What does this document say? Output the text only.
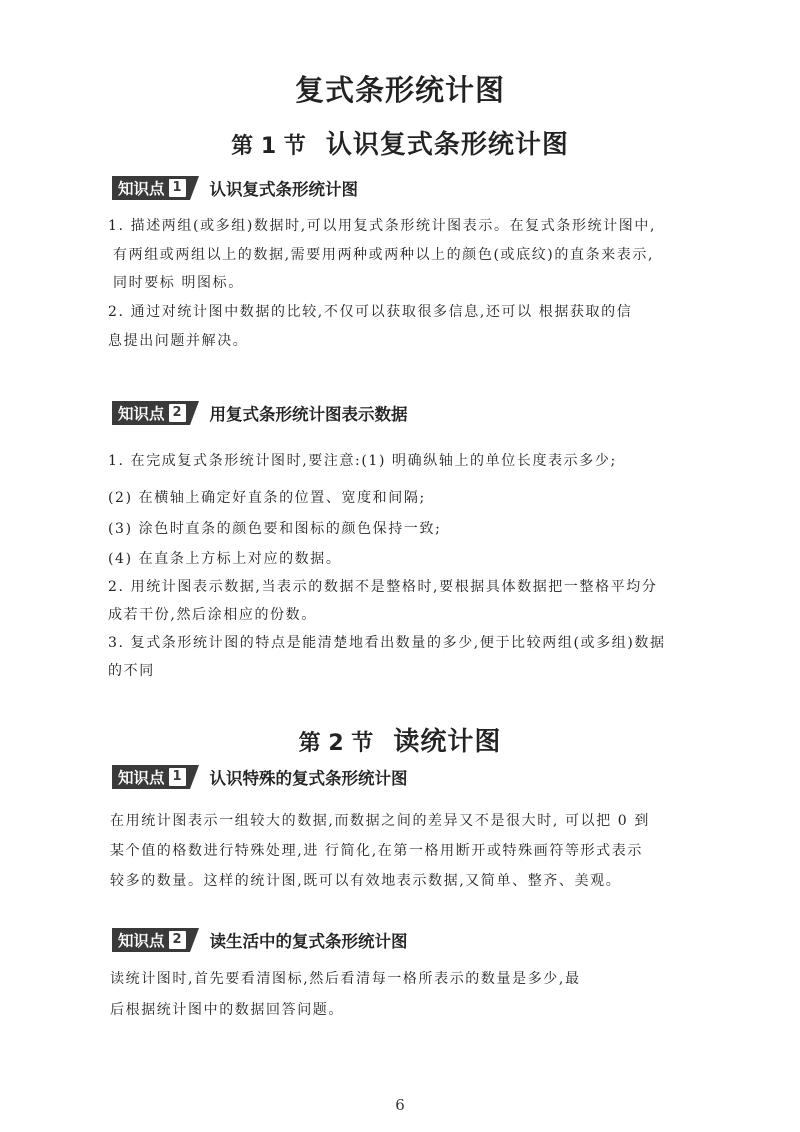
复式条形统计图
第 1 节 认识复式条形统计图
知识点 1 认识复式条形统计图
1. 描述两组(或多组)数据时,可以用复式条形统计图表示。在复式条形统计图中,
有两组或两组以上的数据,需要用两种或两种以上的颜色(或底纹)的直条来表示,
同时要标 明图标。
2. 通过对统计图中数据的比较,不仅可以获取很多信息,还可以 根据获取的信
息提出问题并解决。
知识点 2 用复式条形统计图表示数据
1. 在完成复式条形统计图时,要注意:(1) 明确纵轴上的单位长度表示多少;
(2) 在横轴上确定好直条的位置、宽度和间隔;
(3) 涂色时直条的颜色要和图标的颜色保持一致;
(4) 在直条上方标上对应的数据。
2. 用统计图表示数据,当表示的数据不是整格时,要根据具体数据把一整格平均分
成若干份,然后涂相应的份数。
3. 复式条形统计图的特点是能清楚地看出数量的多少,便于比较两组(或多组)数据
的不同
第 2 节 读统计图
知识点 1 认识特殊的复式条形统计图
在用统计图表示一组较大的数据,而数据之间的差异又不是很大时, 可以把 0 到
某个值的格数进行特殊处理,进 行简化,在第一格用断开或特殊画符等形式表示
较多的数量。这样的统计图,既可以有效地表示数据,又简单、整齐、美观。
知识点 2 读生活中的复式条形统计图
读统计图时,首先要看清图标,然后看清每一格所表示的数量是多少,最
后根据统计图中的数据回答问题。
6
